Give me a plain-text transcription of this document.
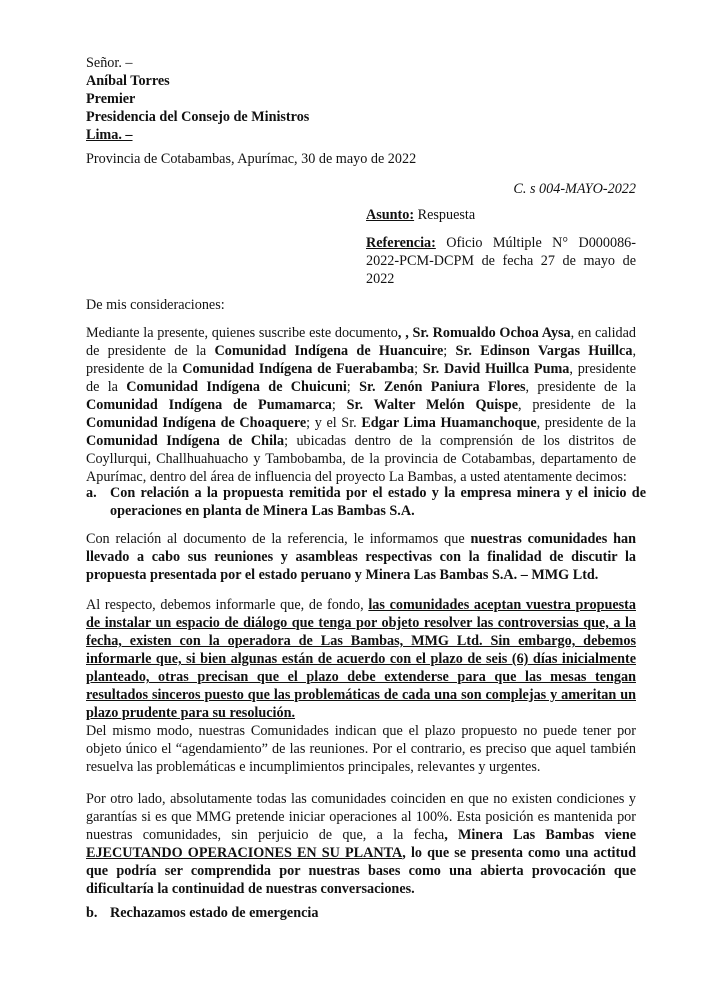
Señor. –
Aníbal Torres
Premier
Presidencia del Consejo de Ministros
Lima. –
Provincia de Cotabambas, Apurímac, 30 de mayo de 2022
C. s 004-MAYO-2022
Asunto: Respuesta
Referencia: Oficio Múltiple N° D000086-2022-PCM-DCPM de fecha 27 de mayo de 2022
De mis consideraciones:
Mediante la presente, quienes suscribe este documento, , Sr. Romualdo Ochoa Aysa, en calidad de presidente de la Comunidad Indígena de Huancuire; Sr. Edinson Vargas Huillca, presidente de la Comunidad Indígena de Fuerabamba; Sr. David Huillca Puma, presidente de la Comunidad Indígena de Chuicuni; Sr. Zenón Paniura Flores, presidente de la Comunidad Indígena de Pumamarca; Sr. Walter Melón Quispe, presidente de la Comunidad Indígena de Choaquere; y el Sr. Edgar Lima Huamanchoque, presidente de la Comunidad Indígena de Chila; ubicadas dentro de la comprensión de los distritos de Coyllurqui, Challhuahuacho y Tambobamba, de la provincia de Cotabambas, departamento de Apurímac, dentro del área de influencia del proyecto La Bambas, a usted atentamente decimos:
a. Con relación a la propuesta remitida por el estado y la empresa minera y el inicio de operaciones en planta de Minera Las Bambas S.A.
Con relación al documento de la referencia, le informamos que nuestras comunidades han llevado a cabo sus reuniones y asambleas respectivas con la finalidad de discutir la propuesta presentada por el estado peruano y Minera Las Bambas S.A. – MMG Ltd.
Al respecto, debemos informarle que, de fondo, las comunidades aceptan vuestra propuesta de instalar un espacio de diálogo que tenga por objeto resolver las controversias que, a la fecha, existen con la operadora de Las Bambas, MMG Ltd. Sin embargo, debemos informarle que, si bien algunas están de acuerdo con el plazo de seis (6) días inicialmente planteado, otras precisan que el plazo debe extenderse para que las mesas tengan resultados sinceros puesto que las problemáticas de cada una son complejas y ameritan un plazo prudente para su resolución.
Del mismo modo, nuestras Comunidades indican que el plazo propuesto no puede tener por objeto único el “agendamiento” de las reuniones. Por el contrario, es preciso que aquel también resuelva las problemáticas e incumplimientos principales, relevantes y urgentes.
Por otro lado, absolutamente todas las comunidades coinciden en que no existen condiciones y garantías si es que MMG pretende iniciar operaciones al 100%. Esta posición es mantenida por nuestras comunidades, sin perjuicio de que, a la fecha, Minera Las Bambas viene EJECUTANDO OPERACIONES EN SU PLANTA, lo que se presenta como una actitud que podría ser comprendida por nuestras bases como una abierta provocación que dificultaría la continuidad de nuestras conversaciones.
b. Rechazamos estado de emergencia
